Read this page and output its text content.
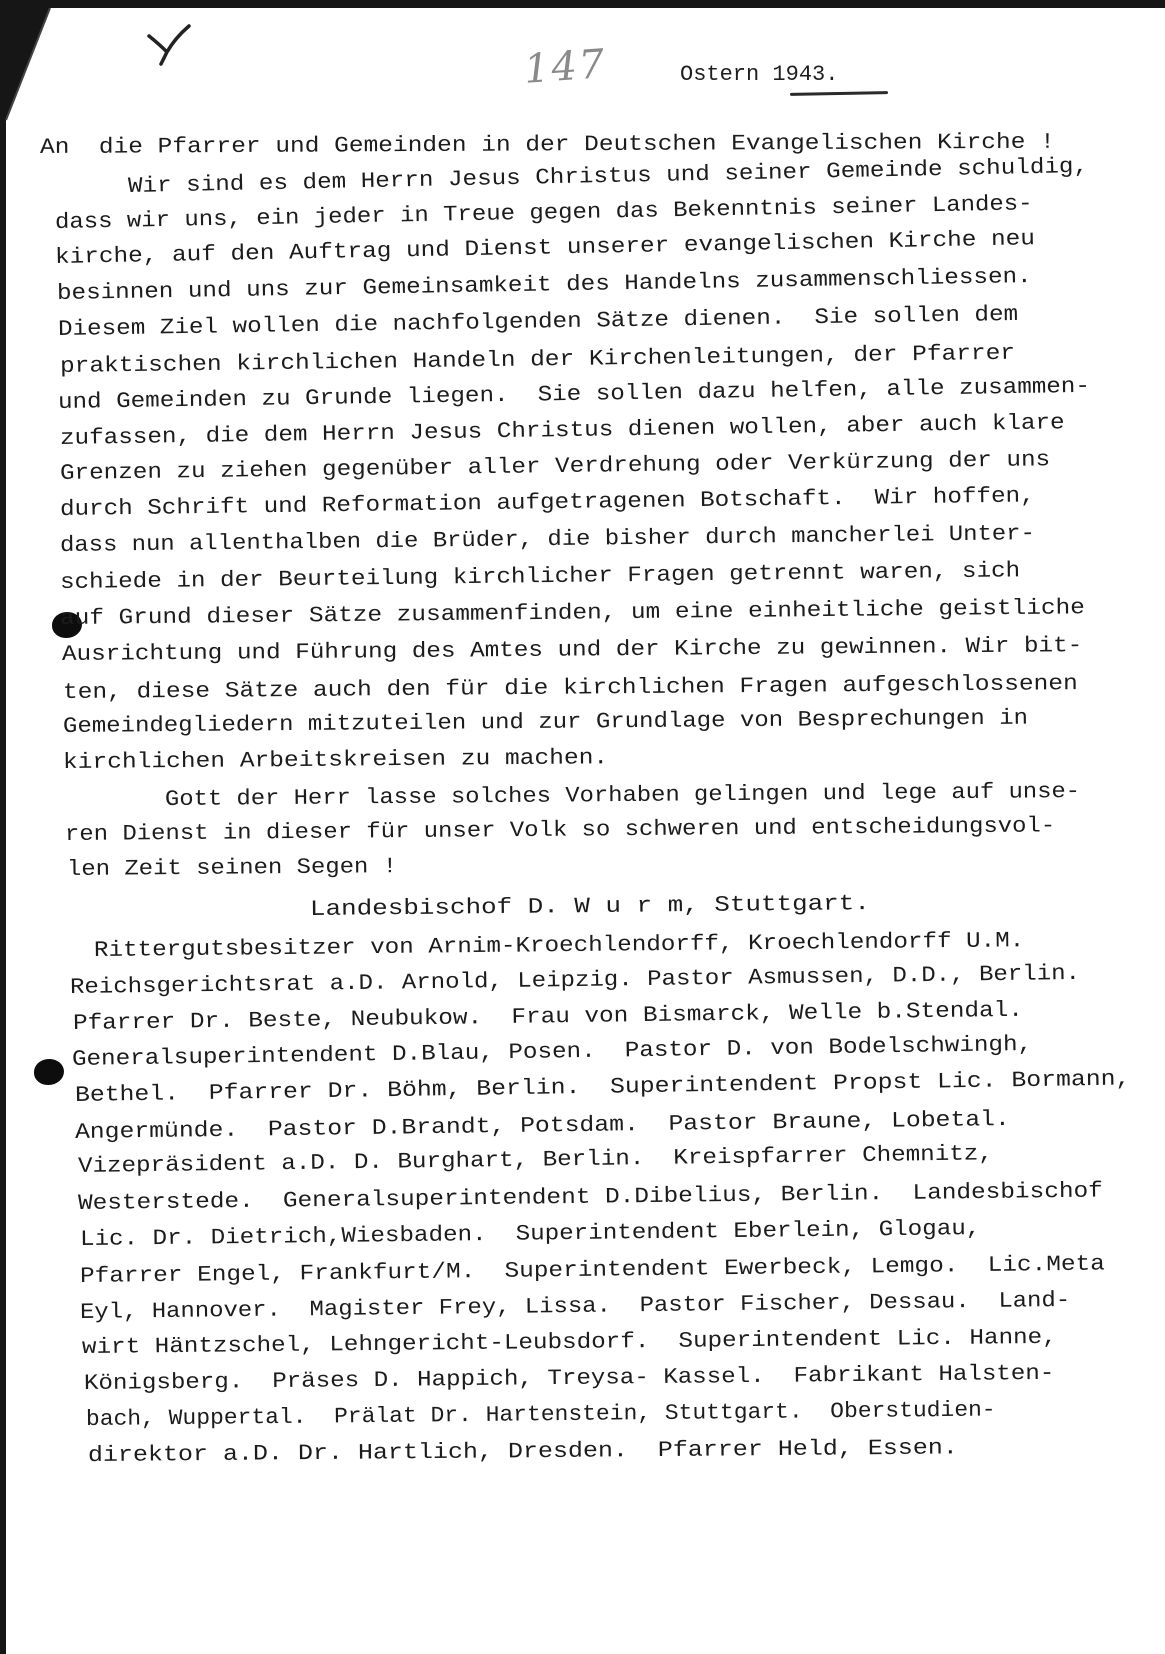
147	Ostern 1943.
An  die Pfarrer und Gemeinden in der Deutschen Evangelischen Kirche !
Wir sind es dem Herrn Jesus Christus und seiner Gemeinde schuldig,
dass wir uns, ein jeder in Treue gegen das Bekenntnis seiner Landes-
kirche, auf den Auftrag und Dienst unserer evangelischen Kirche neu
besinnen und uns zur Gemeinsamkeit des Handelns zusammenschliessen.
Diesem Ziel wollen die nachfolgenden Sätze dienen.  Sie sollen dem
praktischen kirchlichen Handeln der Kirchenleitungen, der Pfarrer
und Gemeinden zu Grunde liegen.  Sie sollen dazu helfen, alle zusammen-
zufassen, die dem Herrn Jesus Christus dienen wollen, aber auch klare
Grenzen zu ziehen gegenüber aller Verdrehung oder Verkürzung der uns
durch Schrift und Reformation aufgetragenen Botschaft.  Wir hoffen,
dass nun allenthalben die Brüder, die bisher durch mancherlei Unter-
schiede in der Beurteilung kirchlicher Fragen getrennt waren, sich
auf Grund dieser Sätze zusammenfinden, um eine einheitliche geistliche
Ausrichtung und Führung des Amtes und der Kirche zu gewinnen. Wir bit-
ten, diese Sätze auch den für die kirchlichen Fragen aufgeschlossenen
Gemeindegliedern mitzuteilen und zur Grundlage von Besprechungen in
kirchlichen Arbeitskreisen zu machen.
Gott der Herr lasse solches Vorhaben gelingen und lege auf unse-
ren Dienst in dieser für unser Volk so schweren und entscheidungsvol-
len Zeit seinen Segen !
Landesbischof D. W u r m, Stuttgart.
Rittergutsbesitzer von Arnim-Kroechlendorff, Kroechlendorff U.M.
Reichsgerichtsrat a.D. Arnold, Leipzig. Pastor Asmussen, D.D., Berlin.
Pfarrer Dr. Beste, Neubukow.  Frau von Bismarck, Welle b.Stendal.
Generalsuperintendent D.Blau, Posen.  Pastor D. von Bodelschwingh,
Bethel.  Pfarrer Dr. Böhm, Berlin.  Superintendent Propst Lic. Bormann,
Angermünde.  Pastor D.Brandt, Potsdam.  Pastor Braune, Lobetal.
Vizepräsident a.D. D. Burghart, Berlin.  Kreispfarrer Chemnitz,
Westerstede.  Generalsuperintendent D.Dibelius, Berlin.  Landesbischof
Lic. Dr. Dietrich,Wiesbaden.  Superintendent Eberlein, Glogau,
Pfarrer Engel, Frankfurt/M.  Superintendent Ewerbeck, Lemgo.  Lic.Meta
Eyl, Hannover.  Magister Frey, Lissa.  Pastor Fischer, Dessau.  Land-
wirt Häntzschel, Lehngericht-Leubsdorf.  Superintendent Lic. Hanne,
Königsberg.  Präses D. Happich, Treysa- Kassel.  Fabrikant Halsten-
bach, Wuppertal.  Prälat Dr. Hartenstein, Stuttgart.  Oberstudien-
direktor a.D. Dr. Hartlich, Dresden.  Pfarrer Held, Essen.
